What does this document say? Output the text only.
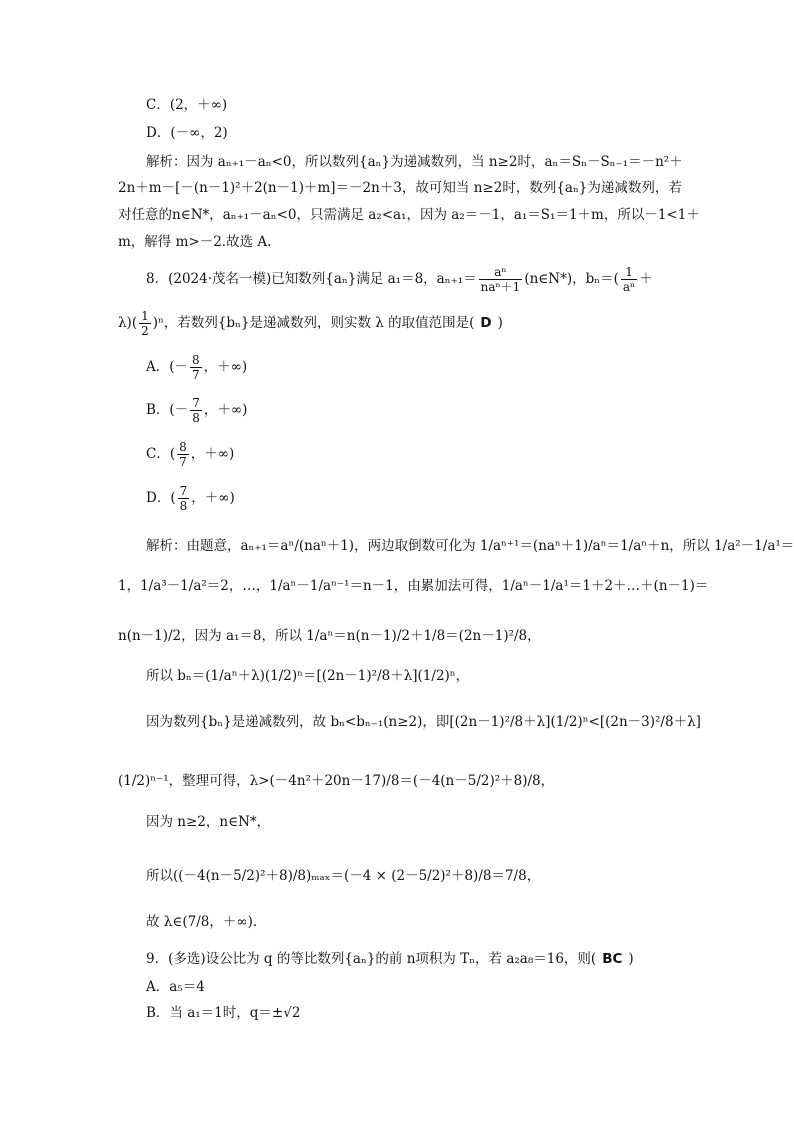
C．(2，＋∞)
D．(－∞，2)
解析：因为 aₙ₊₁－aₙ<0，所以数列{aₙ}为递减数列，当 n≥2时，aₙ＝Sₙ－Sₙ₋₁＝－n²＋
2n＋m－[－(n－1)²＋2(n－1)＋m]＝－2n＋3，故可知当 n≥2时，数列{aₙ}为递减数列，若
对任意的n∈N*，aₙ₊₁－aₙ<0，只需满足 a₂<a₁，因为 a₂＝－1，a₁＝S₁＝1＋m，所以－1<1＋
m，解得 m>－2.故选 A.
8．(2024·茂名一模)已知数列{aₙ}满足 a₁＝8，$a_{n+1}= \frac{\text{aⁿ}}{\text{naⁿ＋1}}$ (n∈N*)，$b_n=( \frac{1}{\text{aⁿ}}$ ＋
$\lambda)( \frac{1}{2} )^n$，若数列{bₙ}是递减数列，则实数 λ 的取值范围是( D )
A．(－ $\frac{8}{7}$ ，＋∞)
B．(－ $\frac{7}{8}$ ，＋∞)
C．( $\frac{8}{7}$ ，＋∞)
D．( $\frac{7}{8}$ ，＋∞)
解析：由题意，aₙ₊₁＝aⁿ/(naⁿ＋1)，两边取倒数可化为 1/aⁿ⁺¹＝(naⁿ＋1)/aⁿ＝1/aⁿ＋n，所以 1/a²－1/a¹＝
1，1/a³－1/a²＝2，…，1/aⁿ－1/aⁿ⁻¹＝n－1，由累加法可得，1/aⁿ－1/a¹＝1＋2＋…＋(n－1)＝
n(n－1)/2，因为 a₁＝8，所以 1/aⁿ＝n(n－1)/2＋1/8＝(2n－1)²/8，
所以 bₙ＝(1/aⁿ＋λ)(1/2)ⁿ＝[(2n－1)²/8＋λ](1/2)ⁿ，
因为数列{bₙ}是递减数列，故 bₙ<bₙ₋₁(n≥2)，即[(2n－1)²/8＋λ](1/2)ⁿ<[(2n－3)²/8＋λ]
(1/2)ⁿ⁻¹，整理可得，λ>(－4n²＋20n－17)/8＝(－4(n－5/2)²＋8)/8，
因为 n≥2，n∈N*，
所以((－4(n－5/2)²＋8)/8)ₘₐₓ＝(－4 × (2－5/2)²＋8)/8＝7/8，
故 λ∈(7/8，＋∞).
9．(多选)设公比为 q 的等比数列{aₙ}的前 n项积为 Tₙ，若 a₂a₈＝16，则( BC )
A．a₅＝4
B．当 a₁＝1时，q＝±√2
